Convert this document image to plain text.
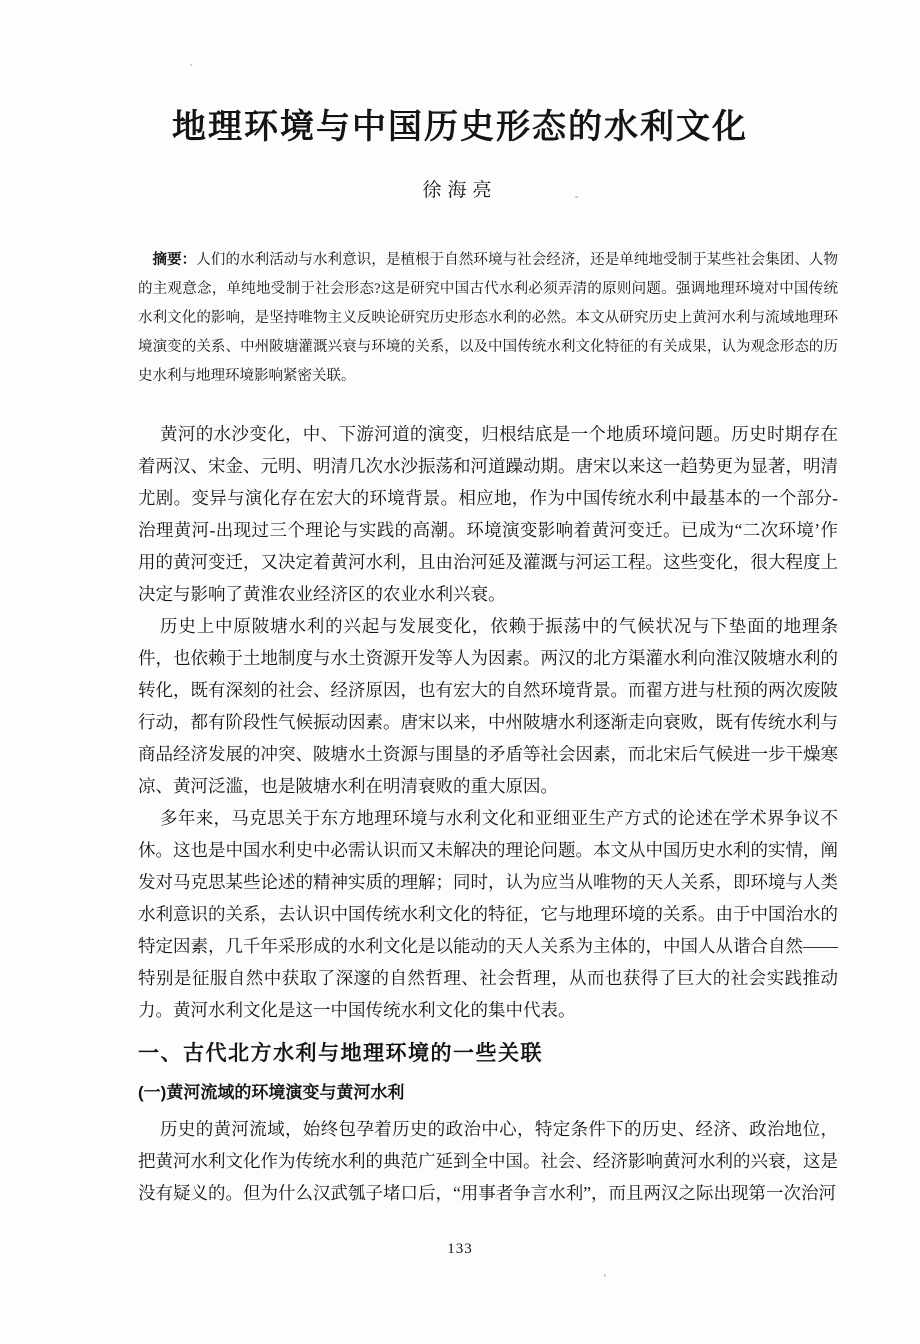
地理环境与中国历史形态的水利文化
徐海亮
摘要：人们的水利活动与水利意识，是植根于自然环境与社会经济，还是单纯地受制于某些社会集团、人物的主观意念，单纯地受制于社会形态?这是研究中国古代水利必须弄清的原则问题。强调地理环境对中国传统水利文化的影响，是坚持唯物主义反映论研究历史形态水利的必然。本文从研究历史上黄河水利与流域地理环境演变的关系、中州陂塘灌溉兴衰与环境的关系，以及中国传统水利文化特征的有关成果，认为观念形态的历史水利与地理环境影响紧密关联。

黄河的水沙变化，中、下游河道的演变，归根结底是一个地质环境问题。历史时期存在着两汉、宋金、元明、明清几次水沙振荡和河道躁动期。唐宋以来这一趋势更为显著，明清尤剧。变异与演化存在宏大的环境背景。相应地，作为中国传统水利中最基本的一个部分-治理黄河-出现过三个理论与实践的高潮。环境演变影响着黄河变迁。已成为“二次环境’作用的黄河变迁，又决定着黄河水利，且由治河延及灌溉与河运工程。这些变化，很大程度上决定与影响了黄淮农业经济区的农业水利兴衰。

历史上中原陂塘水利的兴起与发展变化，依赖于振荡中的气候状况与下垫面的地理条件，也依赖于土地制度与水土资源开发等人为因素。两汉的北方渠灌水利向淮汉陂塘水利的转化，既有深刻的社会、经济原因，也有宏大的自然环境背景。而翟方进与杜预的两次废陂行动，都有阶段性气候振动因素。唐宋以来，中州陂塘水利逐渐走向衰败，既有传统水利与商品经济发展的冲突、陂塘水土资源与围垦的矛盾等社会因素，而北宋后气候进一步干燥寒凉、黄河泛滥，也是陂塘水利在明清衰败的重大原因。

多年来，马克思关于东方地理环境与水利文化和亚细亚生产方式的论述在学术界争议不休。这也是中国水利史中必需认识而又未解决的理论问题。本文从中国历史水利的实情，阐发对马克思某些论述的精神实质的理解；同时，认为应当从唯物的天人关系，即环境与人类水利意识的关系，去认识中国传统水利文化的特征，它与地理环境的关系。由于中国治水的特定因素，几千年采形成的水利文化是以能动的天人关系为主体的，中国人从谐合自然——特别是征服自然中获取了深邃的自然哲理、社会哲理，从而也获得了巨大的社会实践推动力。黄河水利文化是这一中国传统水利文化的集中代表。

一、古代北方水利与地理环境的一些关联
(一)黄河流域的环境演变与黄河水利

历史的黄河流域，始终包孕着历史的政治中心，特定条件下的历史、经济、政治地位，把黄河水利文化作为传统水利的典范广延到全中国。社会、经济影响黄河水利的兴衰，这是没有疑义的。但为什么汉武瓠子堵口后，“用事者争言水利”，而且两汉之际出现第一次治河

133
